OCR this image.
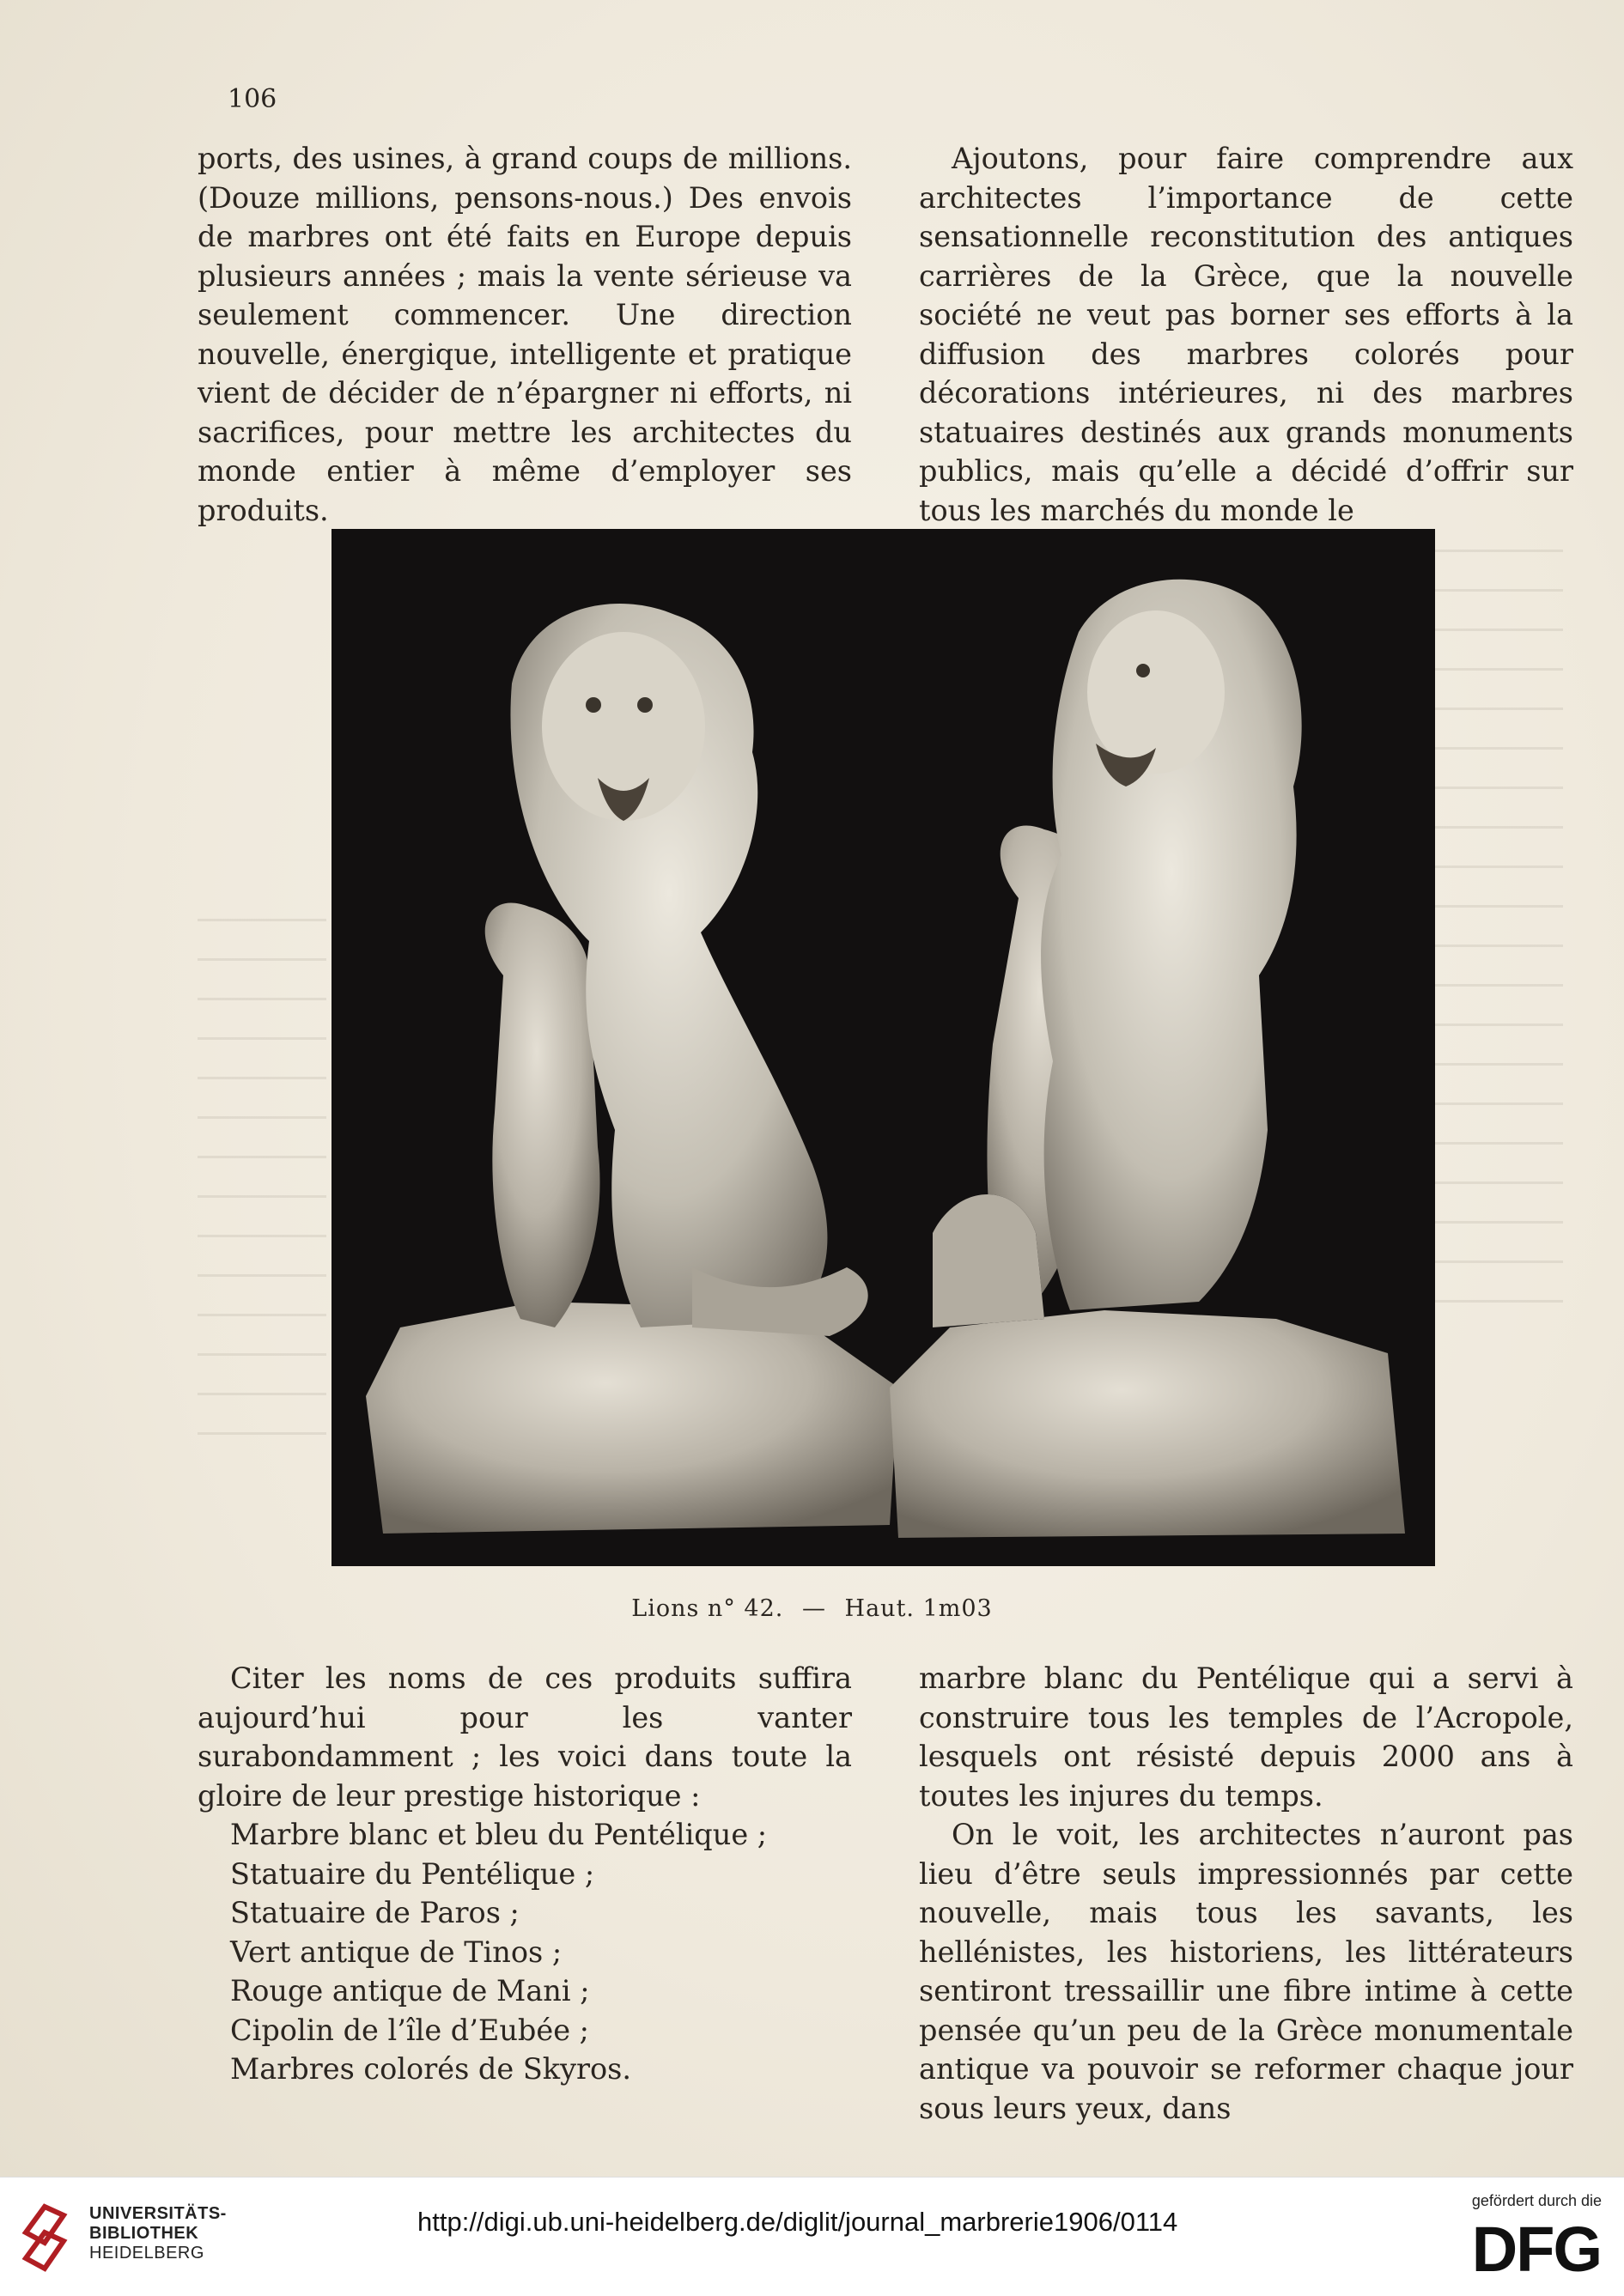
106

ports, des usines, à grand coups de millions. (Douze millions, pensons-nous.) Des envois de marbres ont été faits en Europe depuis plusieurs années ; mais la vente sérieuse va seulement commencer. Une direction nouvelle, énergique, intelligente et pratique vient de décider de n’épargner ni efforts, ni sacrifices, pour mettre les architectes du monde entier à même d’employer ses produits.

Ajoutons, pour faire comprendre aux architectes l’importance de cette sensationnelle reconstitution des antiques carrières de la Grèce, que la nouvelle société ne veut pas borner ses efforts à la diffusion des marbres colorés pour décorations intérieures, ni des marbres statuaires destinés aux grands monuments publics, mais qu’elle a décidé d’offrir sur tous les marchés du monde le

Lions n° 42. — Haut. 1m03

Citer les noms de ces produits suffira aujourd’hui pour les vanter surabondamment ; les voici dans toute la gloire de leur prestige historique :

Marbre blanc et bleu du Pentélique ;
Statuaire du Pentélique ;
Statuaire de Paros ;
Vert antique de Tinos ;
Rouge antique de Mani ;
Cipolin de l’île d’Eubée ;
Marbres colorés de Skyros.

marbre blanc du Pentélique qui a servi à construire tous les temples de l’Acropole, lesquels ont résisté depuis 2000 ans à toutes les injures du temps.

On le voit, les architectes n’auront pas lieu d’être seuls impressionnés par cette nouvelle, mais tous les savants, les hellénistes, les historiens, les littérateurs sentiront tressaillir une fibre intime à cette pensée qu’un peu de la Grèce monumentale antique va pouvoir se reformer chaque jour sous leurs yeux, dans

UNIVERSITÄTS-
BIBLIOTHEK
HEIDELBERG
http://digi.ub.uni-heidelberg.de/diglit/journal_marbrerie1906/0114
gefördert durch die
DFG
